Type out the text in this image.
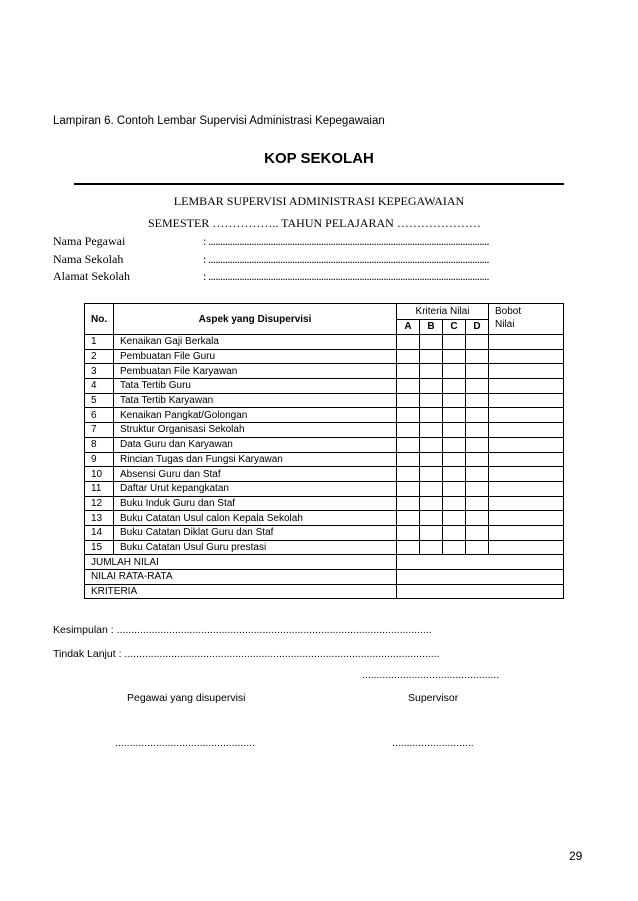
Lampiran 6. Contoh Lembar Supervisi Administrasi Kepegawaian
KOP SEKOLAH
LEMBAR SUPERVISI ADMINISTRASI KEPEGAWAIAN
SEMESTER …………….. TAHUN PELAJARAN …………………
Nama Pegawai	: .....................................................................................................................
Nama Sekolah	: .....................................................................................................................
Alamat Sekolah	: .....................................................................................................................
No.	Aspek yang Disupervisi	Kriteria Nilai				Bobot
Nilai
		A	B	C	D	
1	Kenaikan Gaji Berkala					
2	Pembuatan File Guru					
3	Pembuatan File Karyawan					
4	Tata Tertib Guru					
5	Tata Tertib Karyawan					
6	Kenaikan Pangkat/Golongan					
7	Struktur Organisasi Sekolah					
8	Data Guru dan Karyawan					
9	Rincian Tugas dan Fungsi Karyawan					
10	Absensi Guru dan Staf					
11	Daftar Urut kepangkatan					
12	Buku Induk Guru dan Staf					
13	Buku Catatan Usul calon Kepala Sekolah					
14	Buku Catatan Diklat Guru dan Staf					
15	Buku Catatan Usul Guru prestasi					
JUMLAH NILAI						
NILAI RATA-RATA						
KRITERIA						
Kesimpulan : ............................................................................................................
Tindak Lanjut : ............................................................................................................
...............................................
Pegawai yang disupervisi	Supervisor
................................................	............................
29
